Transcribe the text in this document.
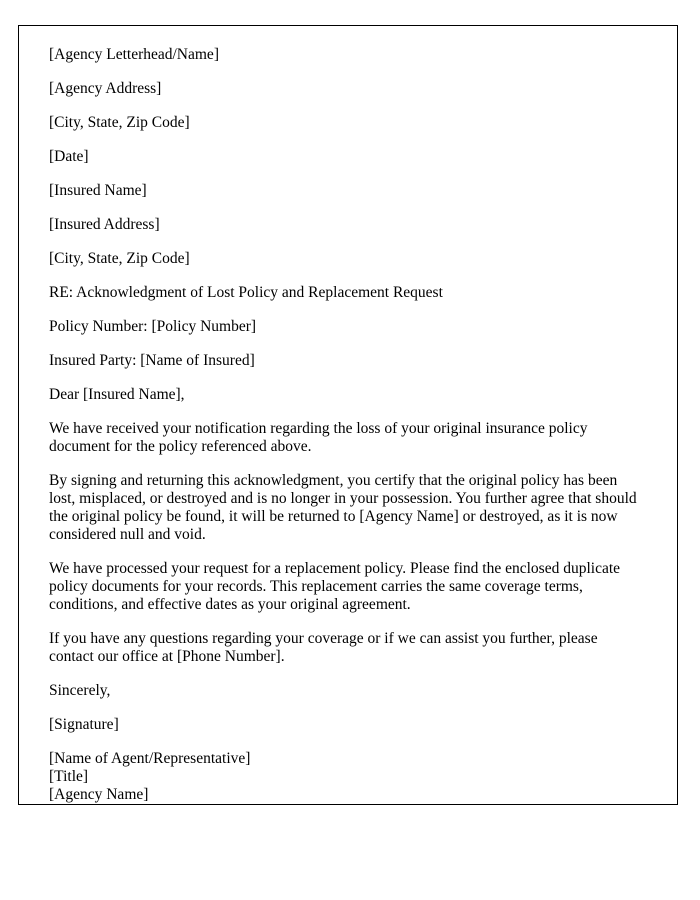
[Agency Letterhead/Name]

[Agency Address]

[City, State, Zip Code]

[Date]

[Insured Name]

[Insured Address]

[City, State, Zip Code]

RE: Acknowledgment of Lost Policy and Replacement Request

Policy Number: [Policy Number]

Insured Party: [Name of Insured]

Dear [Insured Name],

We have received your notification regarding the loss of your original insurance policy document for the policy referenced above.

By signing and returning this acknowledgment, you certify that the original policy has been lost, misplaced, or destroyed and is no longer in your possession. You further agree that should the original policy be found, it will be returned to [Agency Name] or destroyed, as it is now considered null and void.

We have processed your request for a replacement policy. Please find the enclosed duplicate policy documents for your records. This replacement carries the same coverage terms, conditions, and effective dates as your original agreement.

If you have any questions regarding your coverage or if we can assist you further, please contact our office at [Phone Number].

Sincerely,

[Signature]

[Name of Agent/Representative]

[Title]

[Agency Name]
